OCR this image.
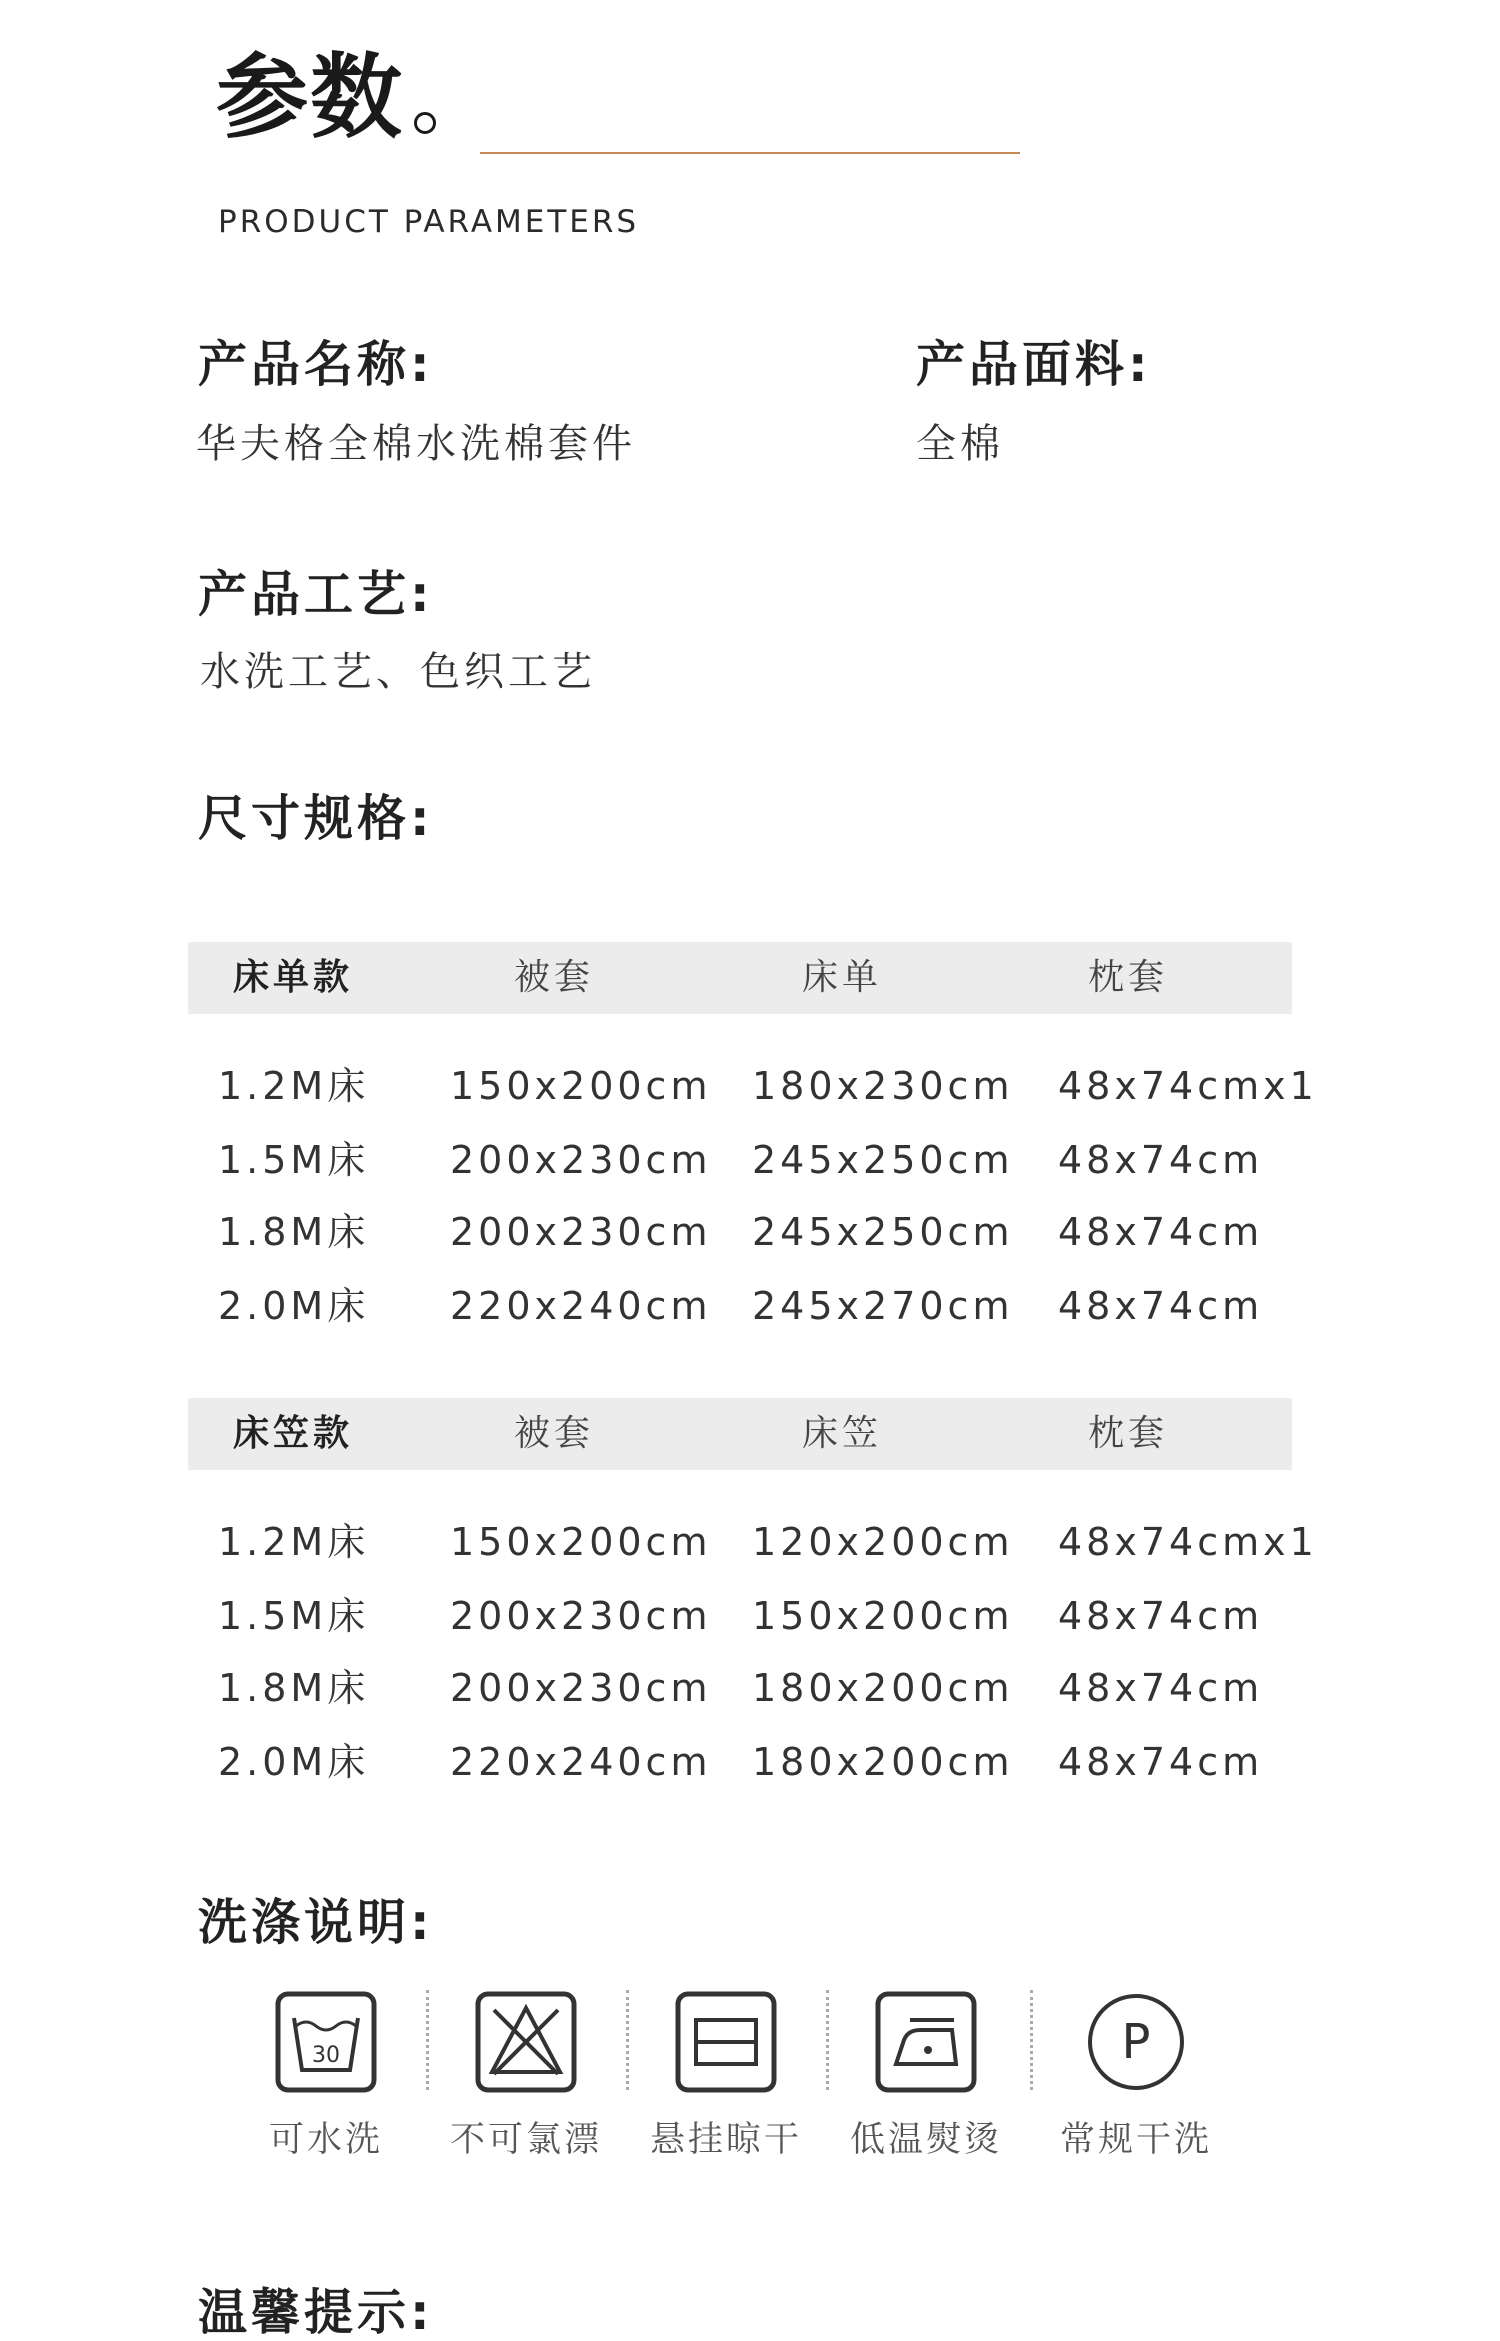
参数
PRODUCT PARAMETERS
产品名称:
华夫格全棉水洗棉套件
产品面料:
全棉
产品工艺:
水洗工艺、色织工艺
尺寸规格:
床单款	被套	床单	枕套
1.2M床 150x200cm 180x230cm 48x74cmx1
1.5M床 200x230cm 245x250cm 48x74cm
1.8M床 200x230cm 245x250cm 48x74cm
2.0M床 220x240cm 245x270cm 48x74cm
床笠款	被套	床笠	枕套
1.2M床 150x200cm 120x200cm 48x74cmx1
1.5M床 200x230cm 150x200cm 48x74cm
1.8M床 200x230cm 180x200cm 48x74cm
2.0M床 220x240cm 180x200cm 48x74cm
洗涤说明:
30
可水洗	不可氯漂 悬挂晾干 低温熨烫
P
常规干洗
温馨提示:
